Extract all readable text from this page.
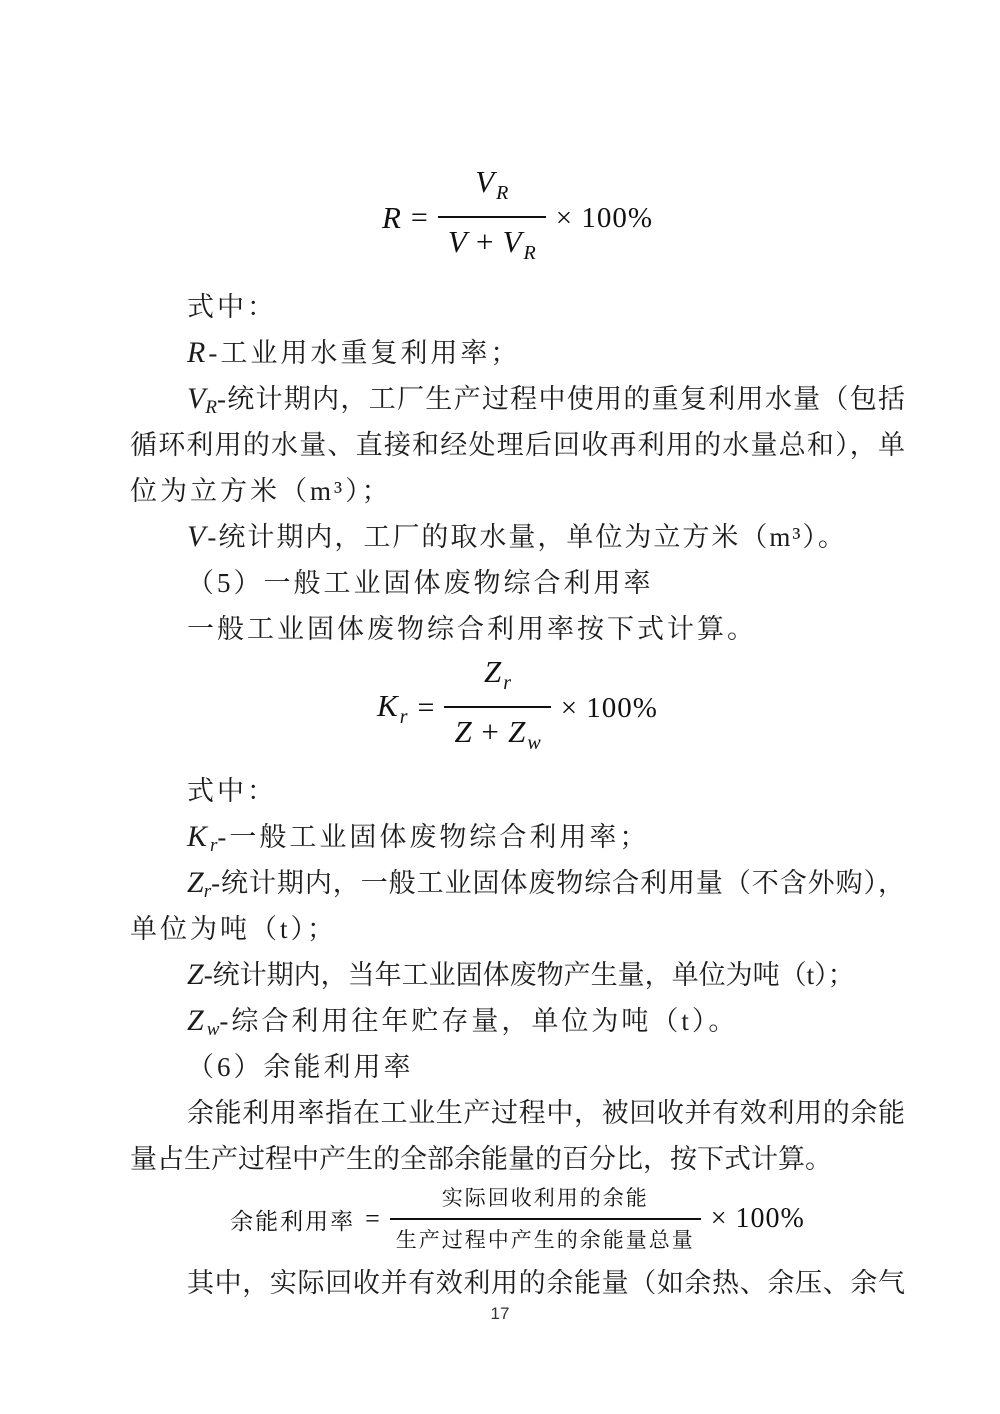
$R = \frac{\text{V R}}{\text{V + V R}} \times 100\%$

式中：

R-工业用水重复利用率；

VR-统计期内，工厂生产过程中使用的重复利用水量（包括

循环利用的水量、直接和经处理后回收再利用的水量总和），单

位为立方米（m³）；

V-统计期内，工厂的取水量，单位为立方米（m³）。

（5）一般工业固体废物综合利用率

一般工业固体废物综合利用率按下式计算。

$Kr = \frac{\text{Z r}}{\text{Z + Z w}} \times 100\%$

式中：

Kr-一般工业固体废物综合利用率；

Zr-统计期内，一般工业固体废物综合利用量（不含外购），

单位为吨（t）；

Z-统计期内，当年工业固体废物产生量，单位为吨（t）；

Zw-综合利用往年贮存量，单位为吨（t）。

（6）余能利用率

余能利用率指在工业生产过程中，被回收并有效利用的余能

量占生产过程中产生的全部余能量的百分比，按下式计算。

余能利用率 = $\frac{\text{实际回收利用的余能}}{\text{生产过程中产生的余能量总量}} \times 100\%$

其中，实际回收并有效利用的余能量（如余热、余压、余气

17
